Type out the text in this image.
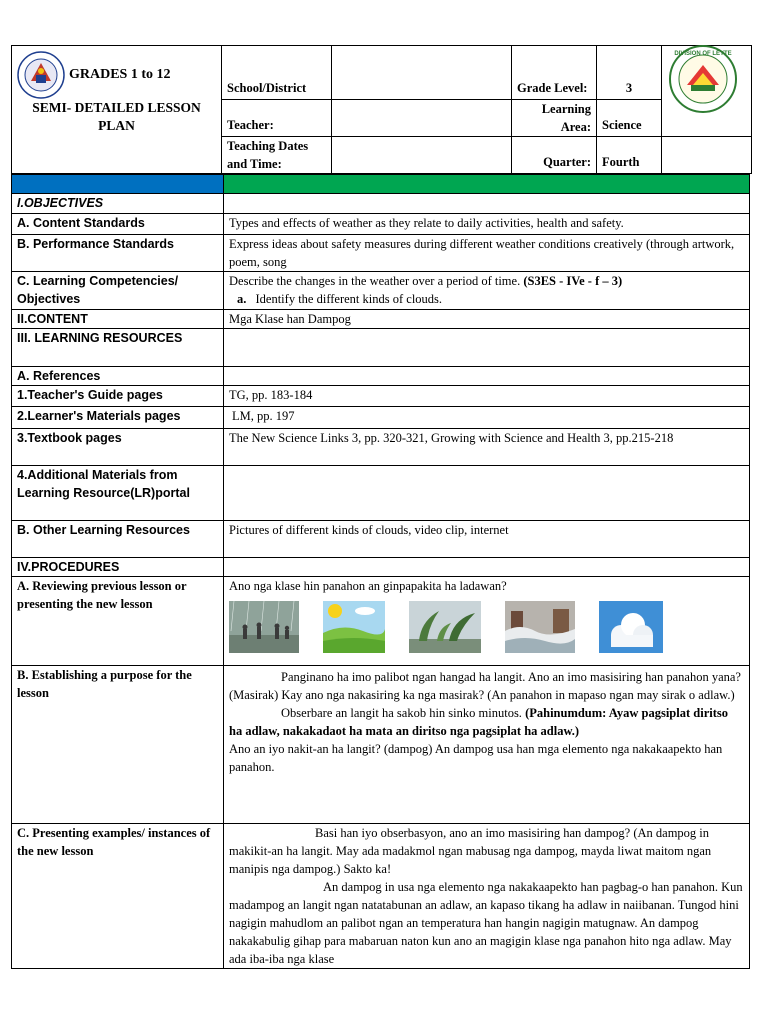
GRADES 1 to 12	School/District		Grade Level:	3	DIVISION OF LEYTE

SEMI- DETAILED LESSON PLAN	Teacher:		Learning Area:	Science	
	Teaching Dates and Time:		Quarter:	Fourth	

I.OBJECTIVES	
A. Content Standards	Types and effects of weather as they relate to daily activities, health and safety.
B. Performance Standards	Express ideas about safety measures during different weather conditions creatively (through artwork, poem, song
C. Learning Competencies/ Objectives	Describe the changes in the weather over a period of time. (S3ES - IVe - f – 3)
a. Identify the different kinds of clouds.
II.CONTENT	Mga Klase han Dampog
III. LEARNING RESOURCES	
A. References	
1.Teacher's Guide pages	TG, pp. 183-184
2.Learner's Materials pages	LM, pp. 197
3.Textbook pages	The New Science Links 3, pp. 320-321, Growing with Science and Health 3, pp.215-218
4.Additional Materials from Learning Resource(LR)portal	
B. Other Learning Resources	Pictures of different kinds of clouds, video clip, internet
IV.PROCEDURES	
A. Reviewing previous lesson or presenting the new lesson	Ano nga klase hin panahon an ginpapakita ha ladawan?

B. Establishing a purpose for the lesson	Panginano ha imo palibot ngan hangad ha langit. Ano an imo masisiring han panahon yana? (Masirak) Kay ano nga nakasiring ka nga masirak? (An panahon in mapaso ngan may sirak o adlaw.)
Obserbare an langit ha sakob hin sinko minutos. (Pahinumdum: Ayaw pagsiplat diritso ha adlaw, nakakadaot ha mata an diritso nga pagsiplat ha adlaw.)
Ano an iyo nakit-an ha langit? (dampog) An dampog usa han mga elemento nga nakakaapekto han panahon.

C. Presenting examples/ instances of the new lesson	Basi han iyo obserbasyon, ano an imo masisiring han dampog? (An dampog in makikit-an ha langit. May ada madakmol ngan mabusag nga dampog, mayda liwat maitom ngan manipis nga dampog.) Sakto ka!
An dampog in usa nga elemento nga nakakaapekto han pagbag-o han panahon. Kun madampog an langit ngan natatabunan an adlaw, an kapaso tikang ha adlaw in naiibanan. Tungod hini nagigin mahudlom an palibot ngan an temperatura han hangin nagigin matugnaw. An dampog nakakabulig gihap para mabaruan naton kun ano an magigin klase nga panahon hito nga adlaw. May ada iba-iba nga klase
